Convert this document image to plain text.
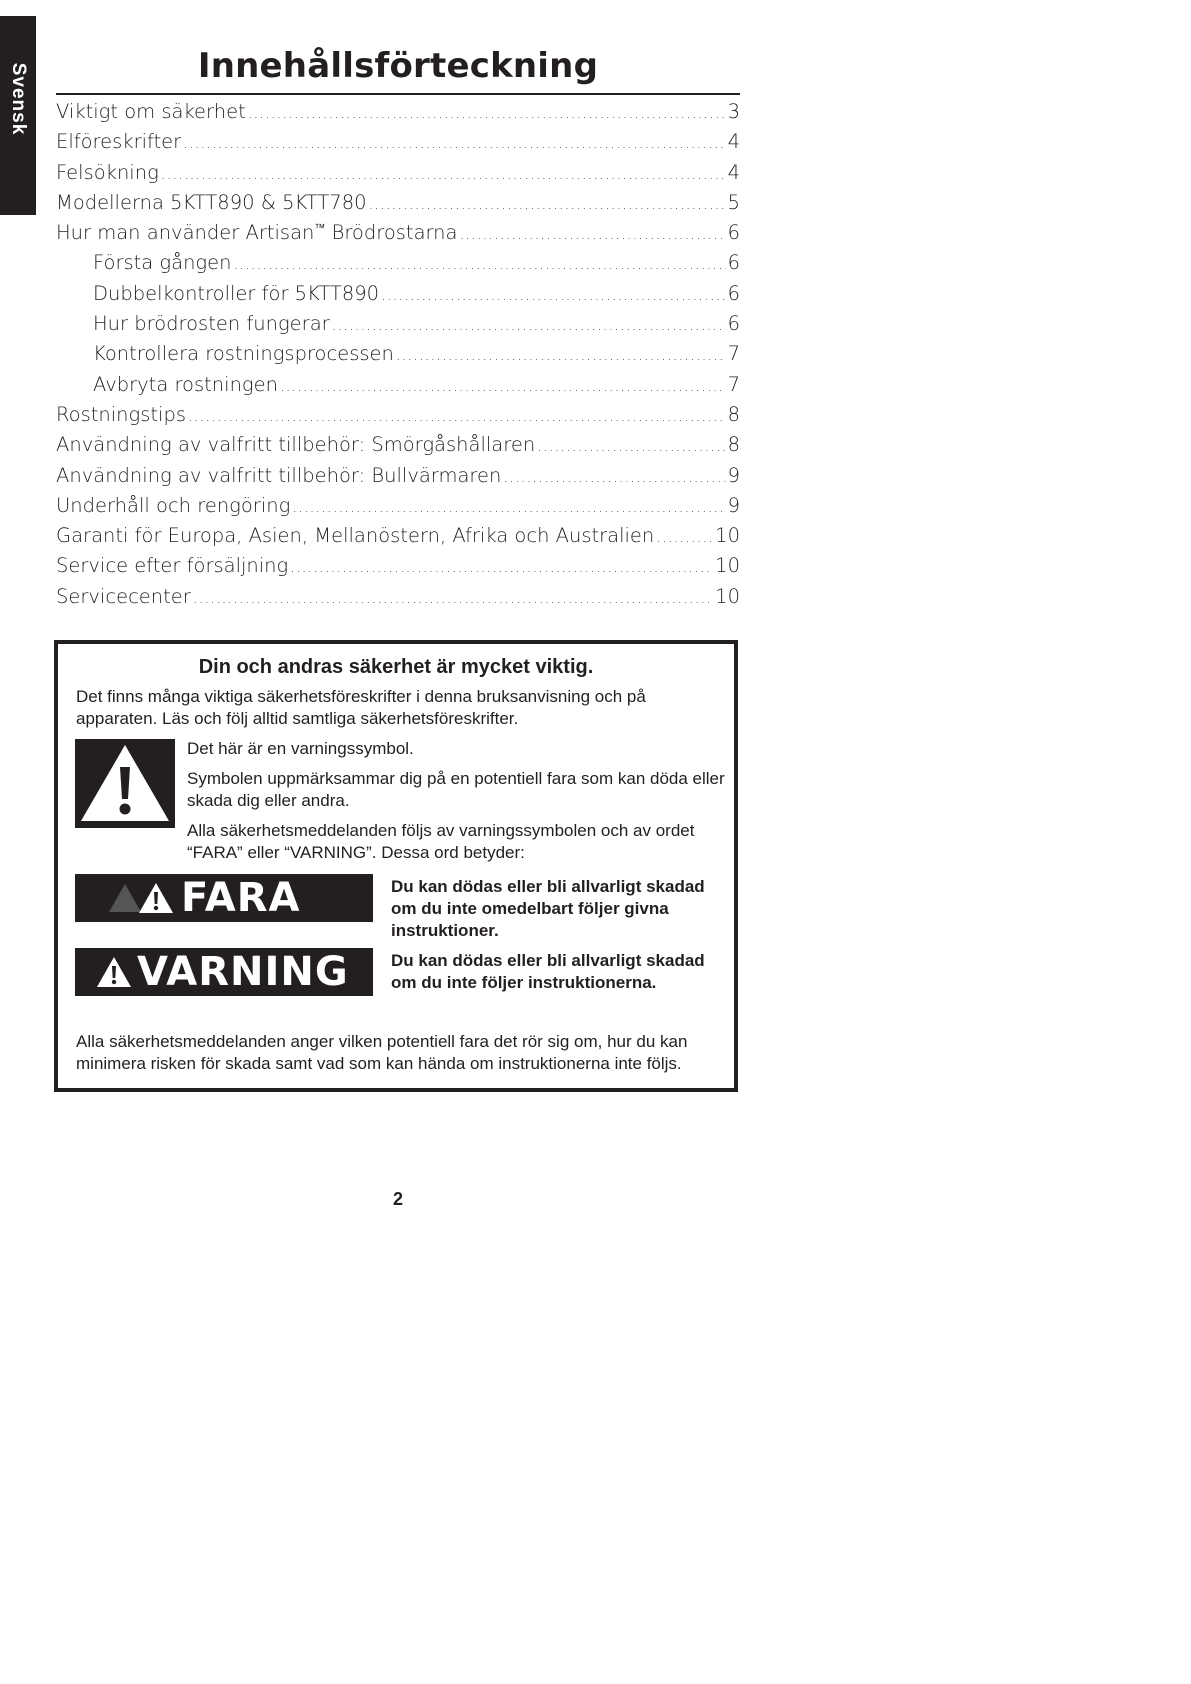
Svensk	Innehållsförteckning
Viktigt om säkerhet .....	3
Elföreskrifter .....	4
Felsökning .....	4
Modellerna 5KTT890 & 5KTT780 .....	5
Hur man använder Artisan™ Brödrostarna .....	6
Första gången .....	6
Dubbelkontroller för 5KTT890 .....	6
Hur brödrosten fungerar .....	6
Kontrollera rostningsprocessen .....	7
Avbryta rostningen .....	7
Rostningstips .....	8
Användning av valfritt tillbehör: Smörgåshållaren .....	8
Användning av valfritt tillbehör: Bullvärmaren .....	9
Underhåll och rengöring .....	9
Garanti för Europa, Asien, Mellanöstern, Afrika och Australien .....	10
Service efter försäljning .....	10
Servicecenter .....	10
Din och andras säkerhet är mycket viktig.
Det finns många viktiga säkerhetsföreskrifter i denna bruksanvisning och på apparaten. Läs och följ alltid samtliga säkerhetsföreskrifter.

Det här är en varningssymbol.

Symbolen uppmärksammar dig på en potentiell fara som kan döda eller skada dig eller andra.

Alla säkerhetsmeddelanden följs av varningssymbolen och av ordet “FARA” eller “VARNING”. Dessa ord betyder:

FARA	Du kan dödas eller bli allvarligt skadad om du inte omedelbart följer givna instruktioner.
VARNING Du kan dödas eller bli allvarligt skadad om du inte följer instruktionerna.
Alla säkerhetsmeddelanden anger vilken potentiell fara det rör sig om, hur du kan minimera risken för skada samt vad som kan hända om instruktionerna inte följs.
2
